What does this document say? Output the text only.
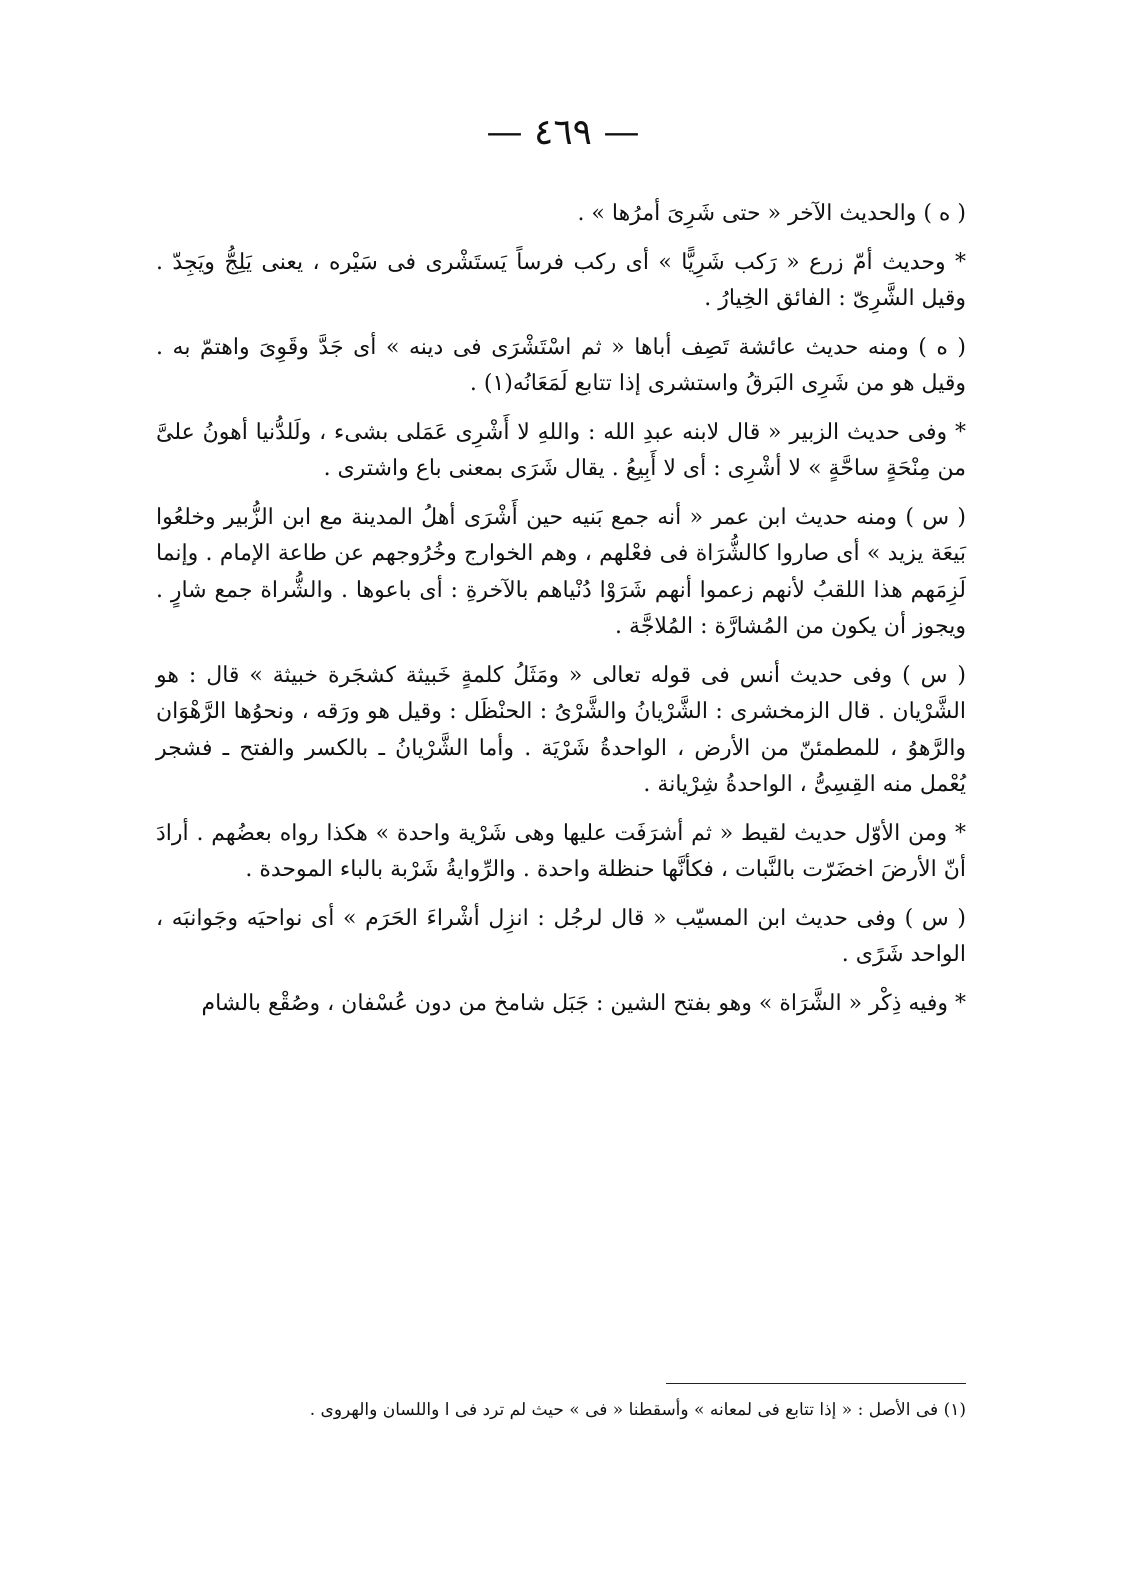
— ٤٦٩ —

( ه ) والحديث الآخر « حتى شَرِىَ أمرُها » .

* وحديث أمّ زرع « رَكب شَرِيًّا » أى ركب فرساً يَستَشْرى فى سَيْره ، يعنى يَلِجُّ ويَجِدّ . وقيل الشَّرِىّ : الفائق الخِيارُ .

( ه ) ومنه حديث عائشة تَصِف أباها « ثم اسْتَشْرَى فى دينه » أى جَدَّ وقَوِىَ واهتمّ به . وقيل هو من شَرِى البَرقُ واستشرى إذا تتابع لَمَعَانُه(١) .

* وفى حديث الزبير « قال لابنه عبدِ الله : واللهِ لا أَشْرِى عَمَلى بشىء ، ولَلدُّنيا أهونُ علىَّ من مِنْحَةٍ ساحَّةٍ » لا أشْرِى : أى لا أَبِيعُ . يقال شَرَى بمعنى باع واشترى .

( س ) ومنه حديث ابن عمر « أنه جمع بَنيه حين أَشْرَى أهلُ المدينة مع ابن الزُّبير وخلعُوا بَيعَة يزيد » أى صاروا كالشُّرَاة فى فعْلهم ، وهم الخوارج وخُرُوجهم عن طاعة الإمام . وإنما لَزِمَهم هذا اللقبُ لأنهم زعموا أنهم شَرَوْا دُنْياهم بالآخرةِ : أى باعوها . والشُّراة جمع شارٍ . ويجوز أن يكون من المُشارَّة : المُلاجَّة .

( س ) وفى حديث أنس فى قوله تعالى « ومَثَلُ كلمةٍ خَبيثة كشجَرة خبيثة » قال : هو الشَّرْيان . قال الزمخشرى : الشَّرْيانُ والشَّرْىُ : الحنْظَل : وقيل هو ورَقه ، ونحوُها الرَّهْوَان والرَّهوُ ، للمطمئنّ من الأرض ، الواحدةُ شَرْيَة . وأما الشَّرْيانُ ـ بالكسر والفتح ـ فشجر يُعْمل منه القِسِىُّ ، الواحدةُ شِرْيانة .

* ومن الأوّل حديث لقيط « ثم أشرَفَت عليها وهى شَرْية واحدة » هكذا رواه بعضُهم . أرادَ أنّ الأرضَ اخضَرّت بالنَّبات ، فكأنَّها حنظلة واحدة . والرِّوايةُ شَرْبة بالباء الموحدة .

( س ) وفى حديث ابن المسيّب « قال لرجُل : انزِل أشْراءَ الحَرَم » أى نواحيَه وجَوانبَه ، الواحد شَرًى .

* وفيه ذِكْر « الشَّرَاة » وهو بفتح الشين : جَبَل شامخ من دون عُسْفان ، وصُقْع بالشام

(١) فى الأصل : « إذا تتابع فى لمعانه » وأسقطنا « فى » حيث لم ترد فى ا واللسان والهروى .
